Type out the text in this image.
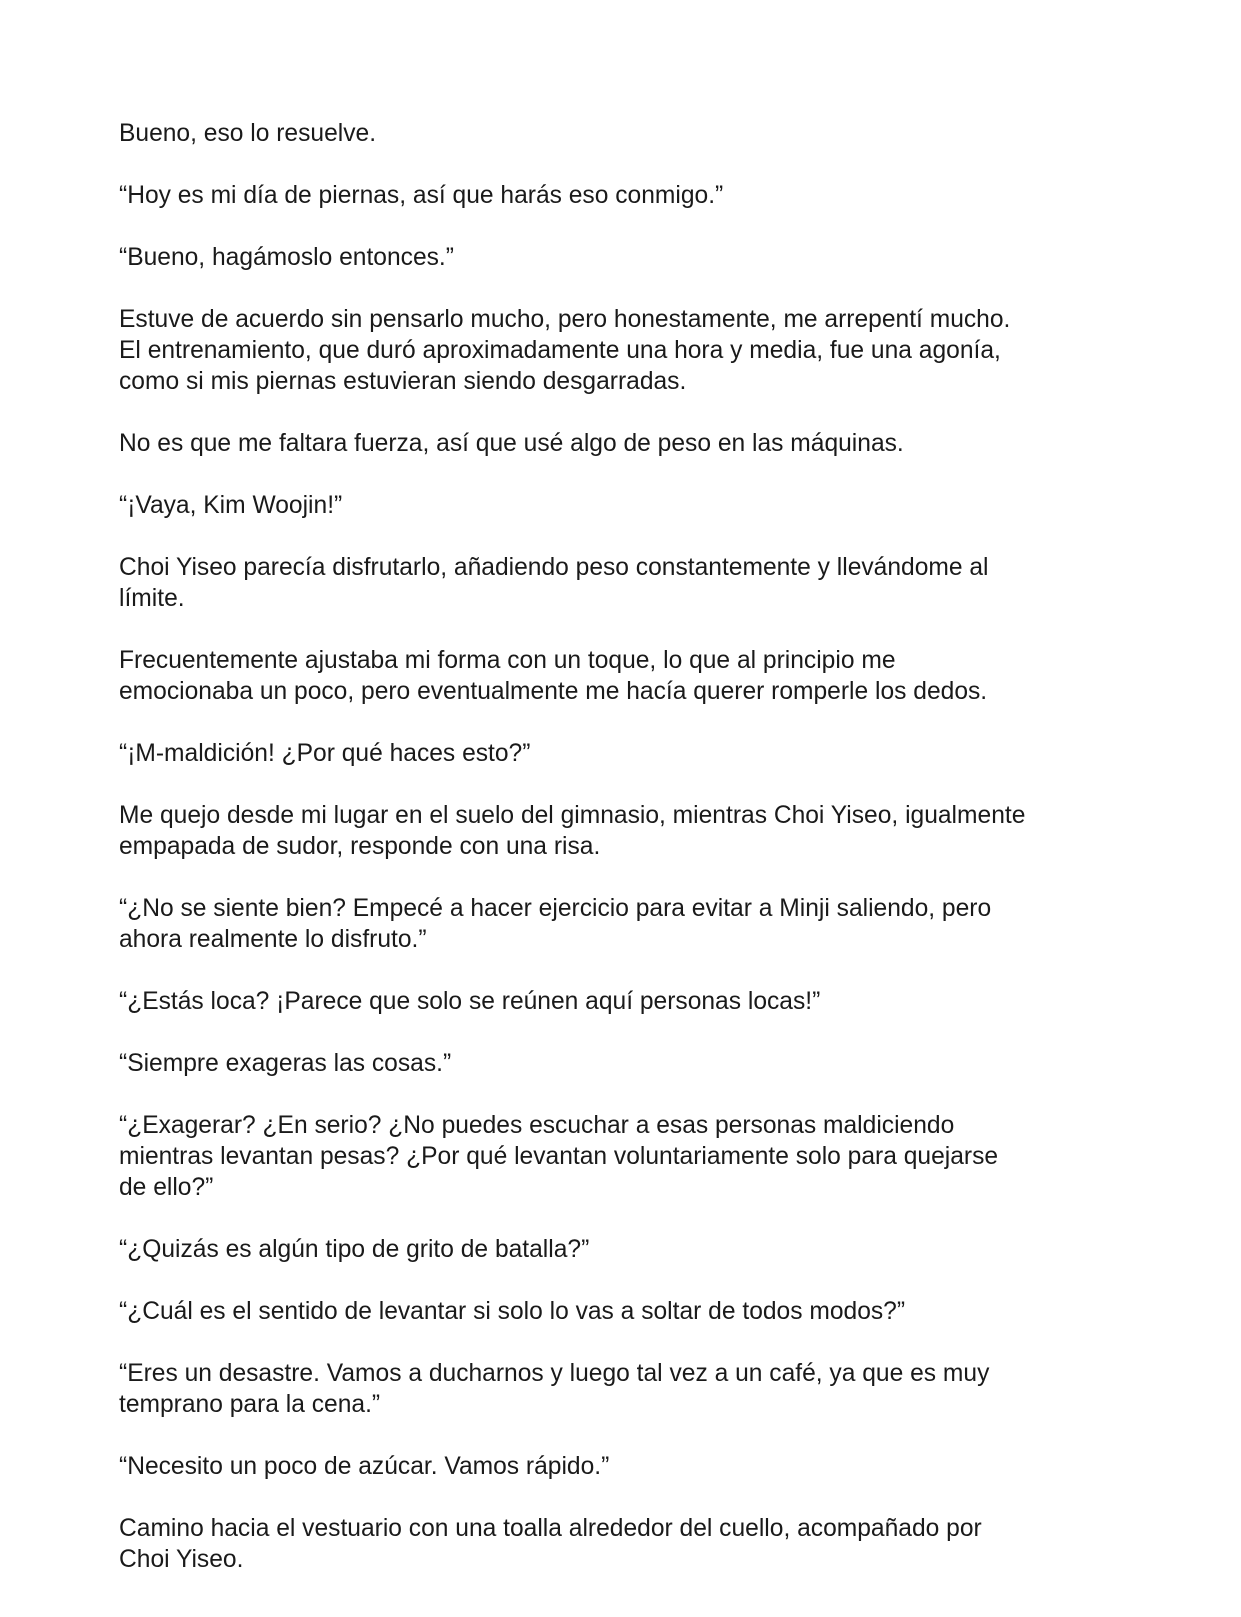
Bueno, eso lo resuelve.

“Hoy es mi día de piernas, así que harás eso conmigo.”

“Bueno, hagámoslo entonces.”

Estuve de acuerdo sin pensarlo mucho, pero honestamente, me arrepentí mucho.
El entrenamiento, que duró aproximadamente una hora y media, fue una agonía,
como si mis piernas estuvieran siendo desgarradas.

No es que me faltara fuerza, así que usé algo de peso en las máquinas.

“¡Vaya, Kim Woojin!”

Choi Yiseo parecía disfrutarlo, añadiendo peso constantemente y llevándome al
límite.

Frecuentemente ajustaba mi forma con un toque, lo que al principio me
emocionaba un poco, pero eventualmente me hacía querer romperle los dedos.

“¡M-maldición! ¿Por qué haces esto?”

Me quejo desde mi lugar en el suelo del gimnasio, mientras Choi Yiseo, igualmente
empapada de sudor, responde con una risa.

“¿No se siente bien? Empecé a hacer ejercicio para evitar a Minji saliendo, pero
ahora realmente lo disfruto.”

“¿Estás loca? ¡Parece que solo se reúnen aquí personas locas!”

“Siempre exageras las cosas.”

“¿Exagerar? ¿En serio? ¿No puedes escuchar a esas personas maldiciendo
mientras levantan pesas? ¿Por qué levantan voluntariamente solo para quejarse
de ello?”

“¿Quizás es algún tipo de grito de batalla?”

“¿Cuál es el sentido de levantar si solo lo vas a soltar de todos modos?”

“Eres un desastre. Vamos a ducharnos y luego tal vez a un café, ya que es muy
temprano para la cena.”

“Necesito un poco de azúcar. Vamos rápido.”

Camino hacia el vestuario con una toalla alrededor del cuello, acompañado por
Choi Yiseo.
